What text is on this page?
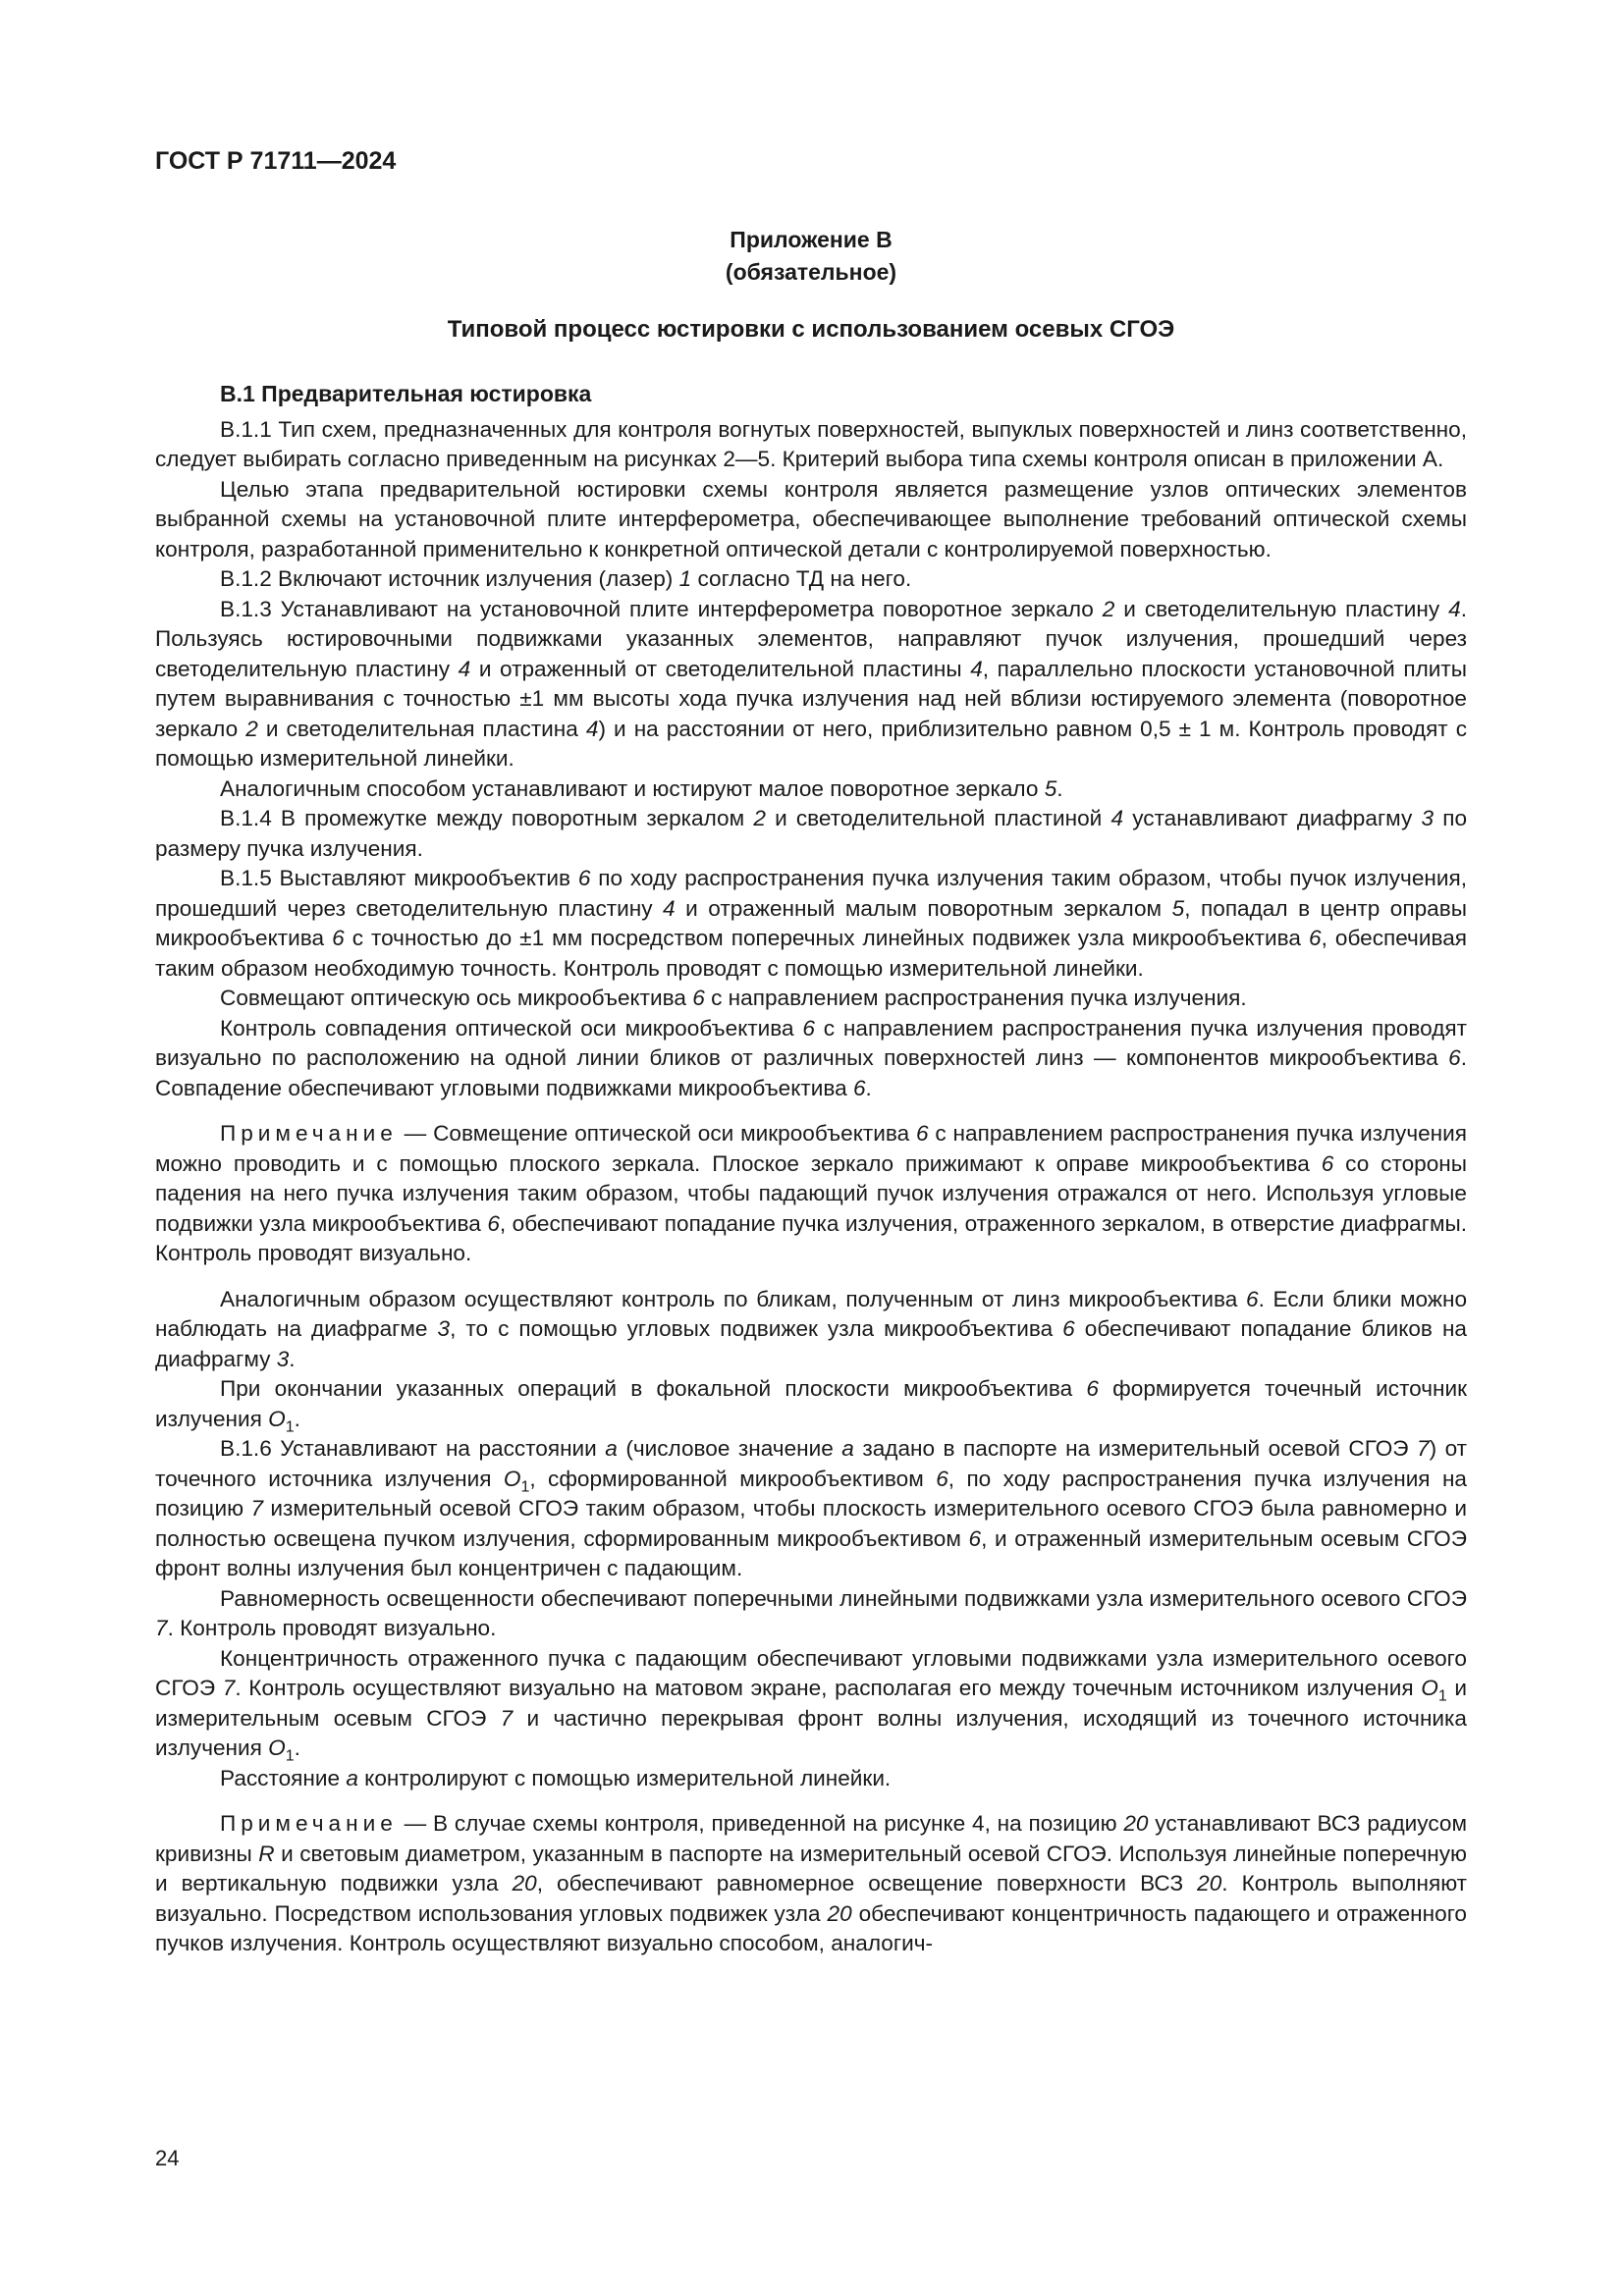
ГОСТ Р 71711—2024
Приложение В
(обязательное)
Типовой процесс юстировки с использованием осевых СГОЭ
В.1 Предварительная юстировка

В.1.1 Тип схем, предназначенных для контроля вогнутых поверхностей, выпуклых поверхностей и линз соответственно, следует выбирать согласно приведенным на рисунках 2—5. Критерий выбора типа схемы контроля описан в приложении А.

Целью этапа предварительной юстировки схемы контроля является размещение узлов оптических элементов выбранной схемы на установочной плите интерферометра, обеспечивающее выполнение требований оптической схемы контроля, разработанной применительно к конкретной оптической детали с контролируемой поверхностью.

В.1.2 Включают источник излучения (лазер) 1 согласно ТД на него.

В.1.3 Устанавливают на установочной плите интерферометра поворотное зеркало 2 и светоделительную пластину 4. Пользуясь юстировочными подвижками указанных элементов, направляют пучок излучения, прошедший через светоделительную пластину 4 и отраженный от светоделительной пластины 4, параллельно плоскости установочной плиты путем выравнивания с точностью ±1 мм высоты хода пучка излучения над ней вблизи юстируемого элемента (поворотное зеркало 2 и светоделительная пластина 4) и на расстоянии от него, приблизительно равном 0,5 ± 1 м. Контроль проводят с помощью измерительной линейки.

Аналогичным способом устанавливают и юстируют малое поворотное зеркало 5.

В.1.4 В промежутке между поворотным зеркалом 2 и светоделительной пластиной 4 устанавливают диафрагму 3 по размеру пучка излучения.

В.1.5 Выставляют микрообъектив 6 по ходу распространения пучка излучения таким образом, чтобы пучок излучения, прошедший через светоделительную пластину 4 и отраженный малым поворотным зеркалом 5, попадал в центр оправы микрообъектива 6 с точностью до ±1 мм посредством поперечных линейных подвижек узла микрообъектива 6, обеспечивая таким образом необходимую точность. Контроль проводят с помощью измерительной линейки.

Совмещают оптическую ось микрообъектива 6 с направлением распространения пучка излучения.

Контроль совпадения оптической оси микрообъектива 6 с направлением распространения пучка излучения проводят визуально по расположению на одной линии бликов от различных поверхностей линз — компонентов микрообъектива 6. Совпадение обеспечивают угловыми подвижками микрообъектива 6.

Примечание — Совмещение оптической оси микрообъектива 6 с направлением распространения пучка излучения можно проводить и с помощью плоского зеркала. Плоское зеркало прижимают к оправе микрообъектива 6 со стороны падения на него пучка излучения таким образом, чтобы падающий пучок излучения отражался от него. Используя угловые подвижки узла микрообъектива 6, обеспечивают попадание пучка излучения, отраженного зеркалом, в отверстие диафрагмы. Контроль проводят визуально.

Аналогичным образом осуществляют контроль по бликам, полученным от линз микрообъектива 6. Если блики можно наблюдать на диафрагме 3, то с помощью угловых подвижек узла микрообъектива 6 обеспечивают попадание бликов на диафрагму 3.

При окончании указанных операций в фокальной плоскости микрообъектива 6 формируется точечный источник излучения $O_1$.

В.1.6 Устанавливают на расстоянии a (числовое значение a задано в паспорте на измерительный осевой СГОЭ 7) от точечного источника излучения $O_1$, сформированной микрообъективом 6, по ходу распространения пучка излучения на позицию 7 измерительный осевой СГОЭ таким образом, чтобы плоскость измерительного осевого СГОЭ была равномерно и полностью освещена пучком излучения, сформированным микрообъективом 6, и отраженный измерительным осевым СГОЭ фронт волны излучения был концентричен с падающим.

Равномерность освещенности обеспечивают поперечными линейными подвижками узла измерительного осевого СГОЭ 7. Контроль проводят визуально.

Концентричность отраженного пучка с падающим обеспечивают угловыми подвижками узла измерительного осевого СГОЭ 7. Контроль осуществляют визуально на матовом экране, располагая его между точечным источником излучения $O_1$ и измерительным осевым СГОЭ 7 и частично перекрывая фронт волны излучения, исходящий из точечного источника излучения $O_1$.

Расстояние a контролируют с помощью измерительной линейки.

Примечание — В случае схемы контроля, приведенной на рисунке 4, на позицию 20 устанавливают ВСЗ радиусом кривизны R и световым диаметром, указанным в паспорте на измерительный осевой СГОЭ. Используя линейные поперечную и вертикальную подвижки узла 20, обеспечивают равномерное освещение поверхности ВСЗ 20. Контроль выполняют визуально. Посредством использования угловых подвижек узла 20 обеспечивают концентричность падающего и отраженного пучков излучения. Контроль осуществляют визуально способом, аналогич-

24
